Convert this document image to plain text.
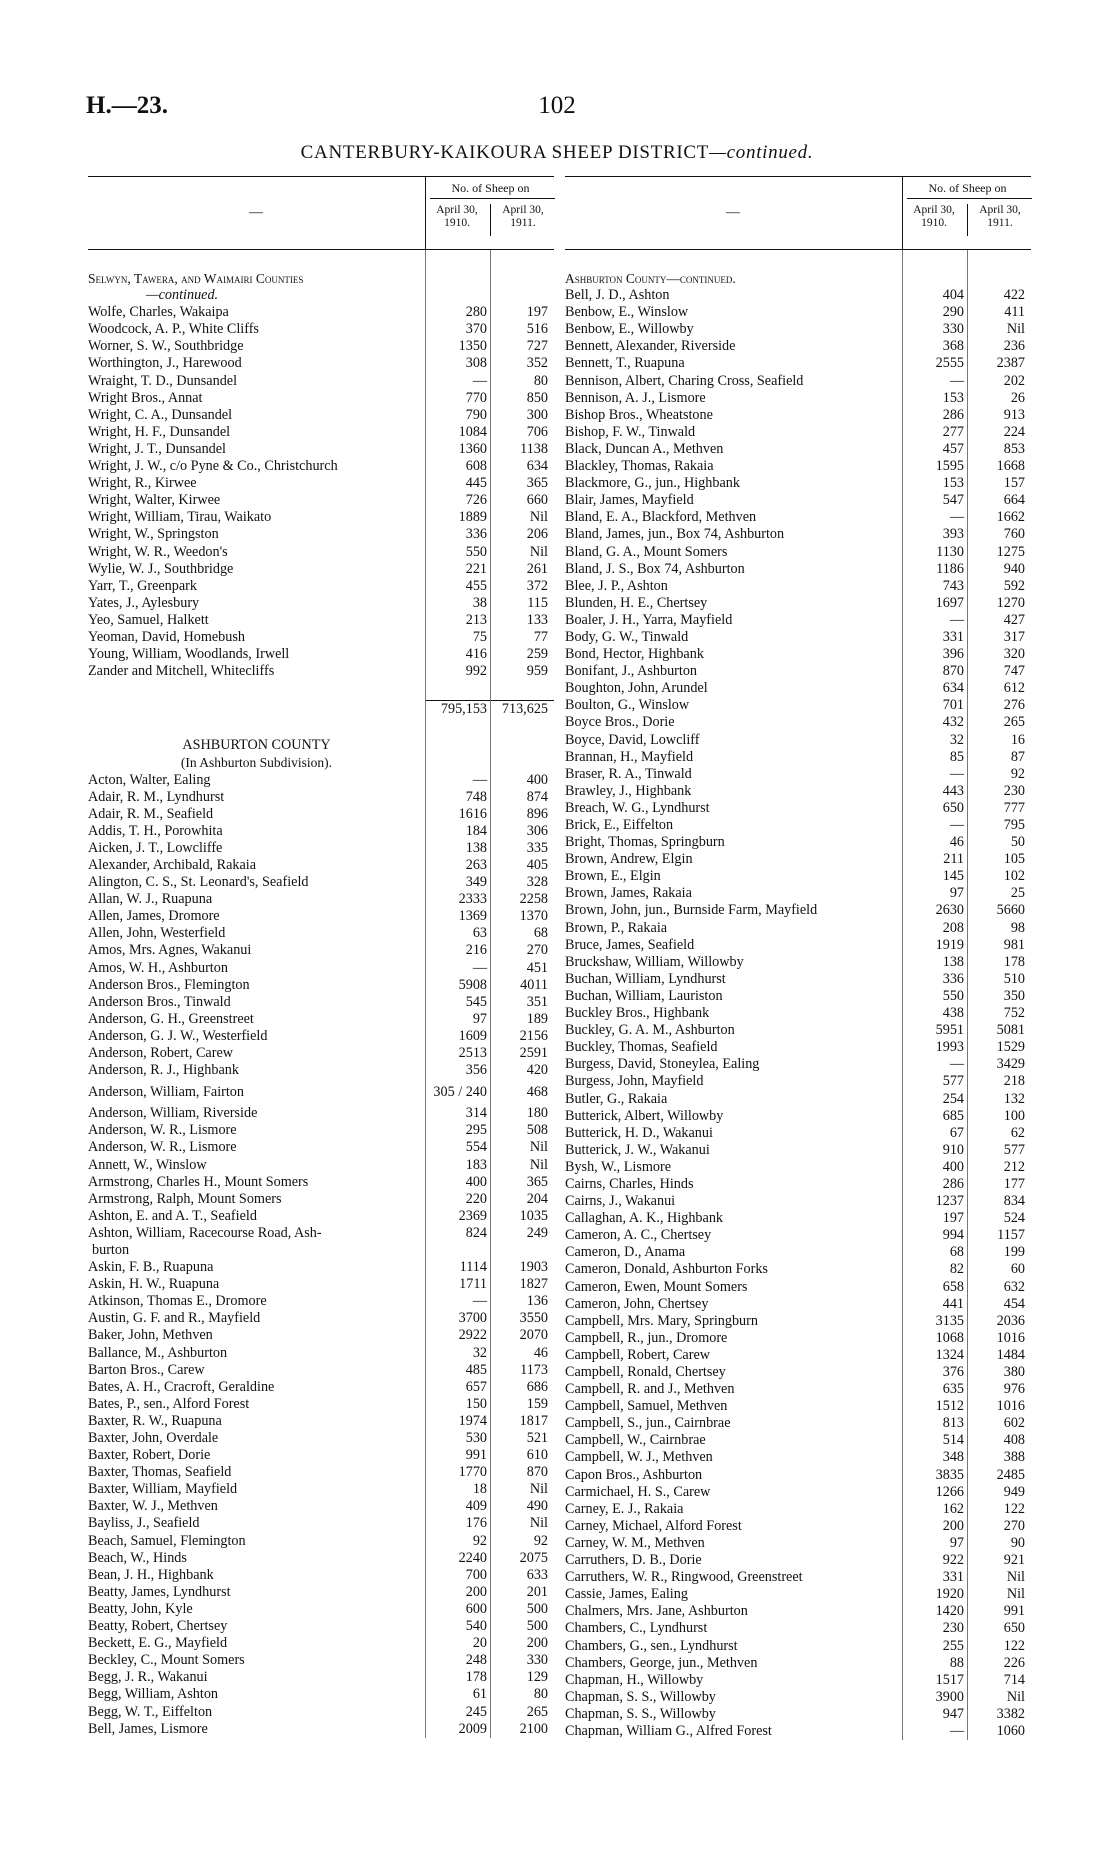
H.—23.	102
CANTERBURY-KAIKOURA SHEEP DISTRICT—continued.
—
No. of Sheep on
April 30, 1910.
April 30, 1911.
Selwyn, Tawera, and Waimairi Counties
—continued.
Wolfe, Charles, Wakaipa	280	197
Woodcock, A. P., White Cliffs	370	516
Worner, S. W., Southbridge	1350	727
Worthington, J., Harewood	308	352
Wraight, T. D., Dunsandel	—	80
Wright Bros., Annat	770	850
Wright, C. A., Dunsandel	790	300
Wright, H. F., Dunsandel	1084	706
Wright, J. T., Dunsandel	1360	1138
Wright, J. W., c/o Pyne & Co., Christchurch	608	634
Wright, R., Kirwee	445	365
Wright, Walter, Kirwee	726	660
Wright, William, Tirau, Waikato	1889	Nil
Wright, W., Springston	336	206
Wright, W. R., Weedon's	550	Nil
Wylie, W. J., Southbridge	221	261
Yarr, T., Greenpark	455	372
Yates, J., Aylesbury	38	115
Yeo, Samuel, Halkett	213	133
Yeoman, David, Homebush	75	77
Young, William, Woodlands, Irwell	416	259
Zander and Mitchell, Whitecliffs	992	959
795,153	713,625
ASHBURTON COUNTY
(In Ashburton Subdivision).
Acton, Walter, Ealing	—	400
Adair, R. M., Lyndhurst	748	874
Adair, R. M., Seafield	1616	896
Addis, T. H., Porowhita	184	306
Aicken, J. T., Lowcliffe	138	335
Alexander, Archibald, Rakaia	263	405
Alington, C. S., St. Leonard's, Seafield	349	328
Allan, W. J., Ruapuna	2333	2258
Allen, James, Dromore	1369	1370
Allen, John, Westerfield	63	68
Amos, Mrs. Agnes, Wakanui	216	270
Amos, W. H., Ashburton	—	451
Anderson Bros., Flemington	5908	4011
Anderson Bros., Tinwald	545	351
Anderson, G. H., Greenstreet	97	189
Anderson, G. J. W., Westerfield	1609	2156
Anderson, Robert, Carew	2513	2591
Anderson, R. J., Highbank	356	420
Anderson, William, Fairton	305 / 240	468
Anderson, William, Riverside	314	180
Anderson, W. R., Lismore	295	508
Anderson, W. R., Lismore	554	Nil
Annett, W., Winslow	183	Nil
Armstrong, Charles H., Mount Somers	400	365
Armstrong, Ralph, Mount Somers	220	204
Ashton, E. and A. T., Seafield	2369	1035
Ashton, William, Racecourse Road, Ash-	824	249
burton
Askin, F. B., Ruapuna	1114	1903
Askin, H. W., Ruapuna	1711	1827
Atkinson, Thomas E., Dromore	—	136
Austin, G. F. and R., Mayfield	3700	3550
Baker, John, Methven	2922	2070
Ballance, M., Ashburton	32	46
Barton Bros., Carew	485	1173
Bates, A. H., Cracroft, Geraldine	657	686
Bates, P., sen., Alford Forest	150	159
Baxter, R. W., Ruapuna	1974	1817
Baxter, John, Overdale	530	521
Baxter, Robert, Dorie	991	610
Baxter, Thomas, Seafield	1770	870
Baxter, William, Mayfield	18	Nil
Baxter, W. J., Methven	409	490
Bayliss, J., Seafield	176	Nil
Beach, Samuel, Flemington	92	92
Beach, W., Hinds	2240	2075
Bean, J. H., Highbank	700	633
Beatty, James, Lyndhurst	200	201
Beatty, John, Kyle	600	500
Beatty, Robert, Chertsey	540	500
Beckett, E. G., Mayfield	20	200
Beckley, C., Mount Somers	248	330
Begg, J. R., Wakanui	178	129
Begg, William, Ashton	61	80
Begg, W. T., Eiffelton	245	265
Bell, James, Lismore	2009	2100
—
No. of Sheep on
April 30, 1910.
April 30, 1911.
Ashburton County—continued.
Bell, J. D., Ashton	404	422
Benbow, E., Winslow	290	411
Benbow, E., Willowby	330	Nil
Bennett, Alexander, Riverside	368	236
Bennett, T., Ruapuna	2555	2387
Bennison, Albert, Charing Cross, Seafield	—	202
Bennison, A. J., Lismore	153	26
Bishop Bros., Wheatstone	286	913
Bishop, F. W., Tinwald	277	224
Black, Duncan A., Methven	457	853
Blackley, Thomas, Rakaia	1595	1668
Blackmore, G., jun., Highbank	153	157
Blair, James, Mayfield	547	664
Bland, E. A., Blackford, Methven	—	1662
Bland, James, jun., Box 74, Ashburton	393	760
Bland, G. A., Mount Somers	1130	1275
Bland, J. S., Box 74, Ashburton	1186	940
Blee, J. P., Ashton	743	592
Blunden, H. E., Chertsey	1697	1270
Boaler, J. H., Yarra, Mayfield	—	427
Body, G. W., Tinwald	331	317
Bond, Hector, Highbank	396	320
Bonifant, J., Ashburton	870	747
Boughton, John, Arundel	634	612
Boulton, G., Winslow	701	276
Boyce Bros., Dorie	432	265
Boyce, David, Lowcliff	32	16
Brannan, H., Mayfield	85	87
Braser, R. A., Tinwald	—	92
Brawley, J., Highbank	443	230
Breach, W. G., Lyndhurst	650	777
Brick, E., Eiffelton	—	795
Bright, Thomas, Springburn	46	50
Brown, Andrew, Elgin	211	105
Brown, E., Elgin	145	102
Brown, James, Rakaia	97	25
Brown, John, jun., Burnside Farm, Mayfield	2630	5660
Brown, P., Rakaia	208	98
Bruce, James, Seafield	1919	981
Bruckshaw, William, Willowby	138	178
Buchan, William, Lyndhurst	336	510
Buchan, William, Lauriston	550	350
Buckley Bros., Highbank	438	752
Buckley, G. A. M., Ashburton	5951	5081
Buckley, Thomas, Seafield	1993	1529
Burgess, David, Stoneylea, Ealing	—	3429
Burgess, John, Mayfield	577	218
Butler, G., Rakaia	254	132
Butterick, Albert, Willowby	685	100
Butterick, H. D., Wakanui	67	62
Butterick, J. W., Wakanui	910	577
Bysh, W., Lismore	400	212
Cairns, Charles, Hinds	286	177
Cairns, J., Wakanui	1237	834
Callaghan, A. K., Highbank	197	524
Cameron, A. C., Chertsey	994	1157
Cameron, D., Anama	68	199
Cameron, Donald, Ashburton Forks	82	60
Cameron, Ewen, Mount Somers	658	632
Cameron, John, Chertsey	441	454
Campbell, Mrs. Mary, Springburn	3135	2036
Campbell, R., jun., Dromore	1068	1016
Campbell, Robert, Carew	1324	1484
Campbell, Ronald, Chertsey	376	380
Campbell, R. and J., Methven	635	976
Campbell, Samuel, Methven	1512	1016
Campbell, S., jun., Cairnbrae	813	602
Campbell, W., Cairnbrae	514	408
Campbell, W. J., Methven	348	388
Capon Bros., Ashburton	3835	2485
Carmichael, H. S., Carew	1266	949
Carney, E. J., Rakaia	162	122
Carney, Michael, Alford Forest	200	270
Carney, W. M., Methven	97	90
Carruthers, D. B., Dorie	922	921
Carruthers, W. R., Ringwood, Greenstreet	331	Nil
Cassie, James, Ealing	1920	Nil
Chalmers, Mrs. Jane, Ashburton	1420	991
Chambers, C., Lyndhurst	230	650
Chambers, G., sen., Lyndhurst	255	122
Chambers, George, jun., Methven	88	226
Chapman, H., Willowby	1517	714
Chapman, S. S., Willowby	3900	Nil
Chapman, S. S., Willowby	947	3382
Chapman, William G., Alfred Forest	—	1060
